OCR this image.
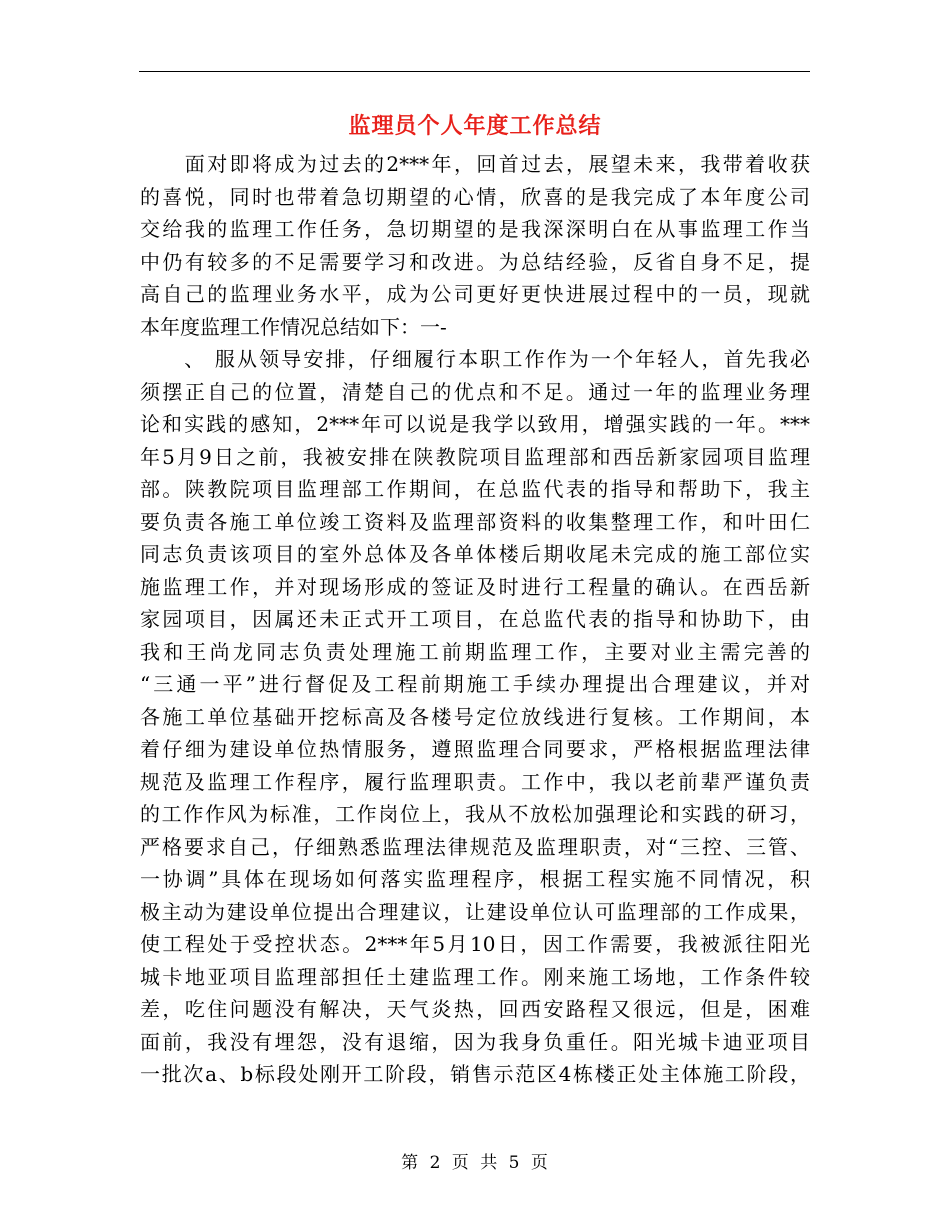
监理员个人年度工作总结
　　面对即将成为过去的2***年，回首过去，展望未来，我带着收获
的喜悦，同时也带着急切期望的心情，欣喜的是我完成了本年度公司
交给我的监理工作任务，急切期望的是我深深明白在从事监理工作当
中仍有较多的不足需要学习和改进。为总结经验，反省自身不足，提
高自己的监理业务水平，成为公司更好更快进展过程中的一员，现就
本年度监理工作情况总结如下：一-
　　、 服从领导安排，仔细履行本职工作作为一个年轻人，首先我必
须摆正自己的位置，清楚自己的优点和不足。通过一年的监理业务理
论和实践的感知，2***年可以说是我学以致用，增强实践的一年。***
年5月9日之前，我被安排在陕教院项目监理部和西岳新家园项目监理
部。陕教院项目监理部工作期间，在总监代表的指导和帮助下，我主
要负责各施工单位竣工资料及监理部资料的收集整理工作，和叶田仁
同志负责该项目的室外总体及各单体楼后期收尾未完成的施工部位实
施监理工作，并对现场形成的签证及时进行工程量的确认。在西岳新
家园项目，因属还未正式开工项目，在总监代表的指导和协助下，由
我和王尚龙同志负责处理施工前期监理工作，主要对业主需完善的
“三通一平”进行督促及工程前期施工手续办理提出合理建议，并对
各施工单位基础开挖标高及各楼号定位放线进行复核。工作期间，本
着仔细为建设单位热情服务，遵照监理合同要求，严格根据监理法律
规范及监理工作程序，履行监理职责。工作中，我以老前辈严谨负责
的工作作风为标准，工作岗位上，我从不放松加强理论和实践的研习，
严格要求自己，仔细熟悉监理法律规范及监理职责，对“三控、三管、
一协调”具体在现场如何落实监理程序，根据工程实施不同情况，积
极主动为建设单位提出合理建议，让建设单位认可监理部的工作成果，
使工程处于受控状态。2***年5月10日，因工作需要，我被派往阳光
城卡地亚项目监理部担任土建监理工作。刚来施工场地，工作条件较
差，吃住问题没有解决，天气炎热，回西安路程又很远，但是，困难
面前，我没有埋怨，没有退缩，因为我身负重任。阳光城卡迪亚项目
一批次a、b标段处刚开工阶段，销售示范区4栋楼正处主体施工阶段，
第 2 页 共 5 页
